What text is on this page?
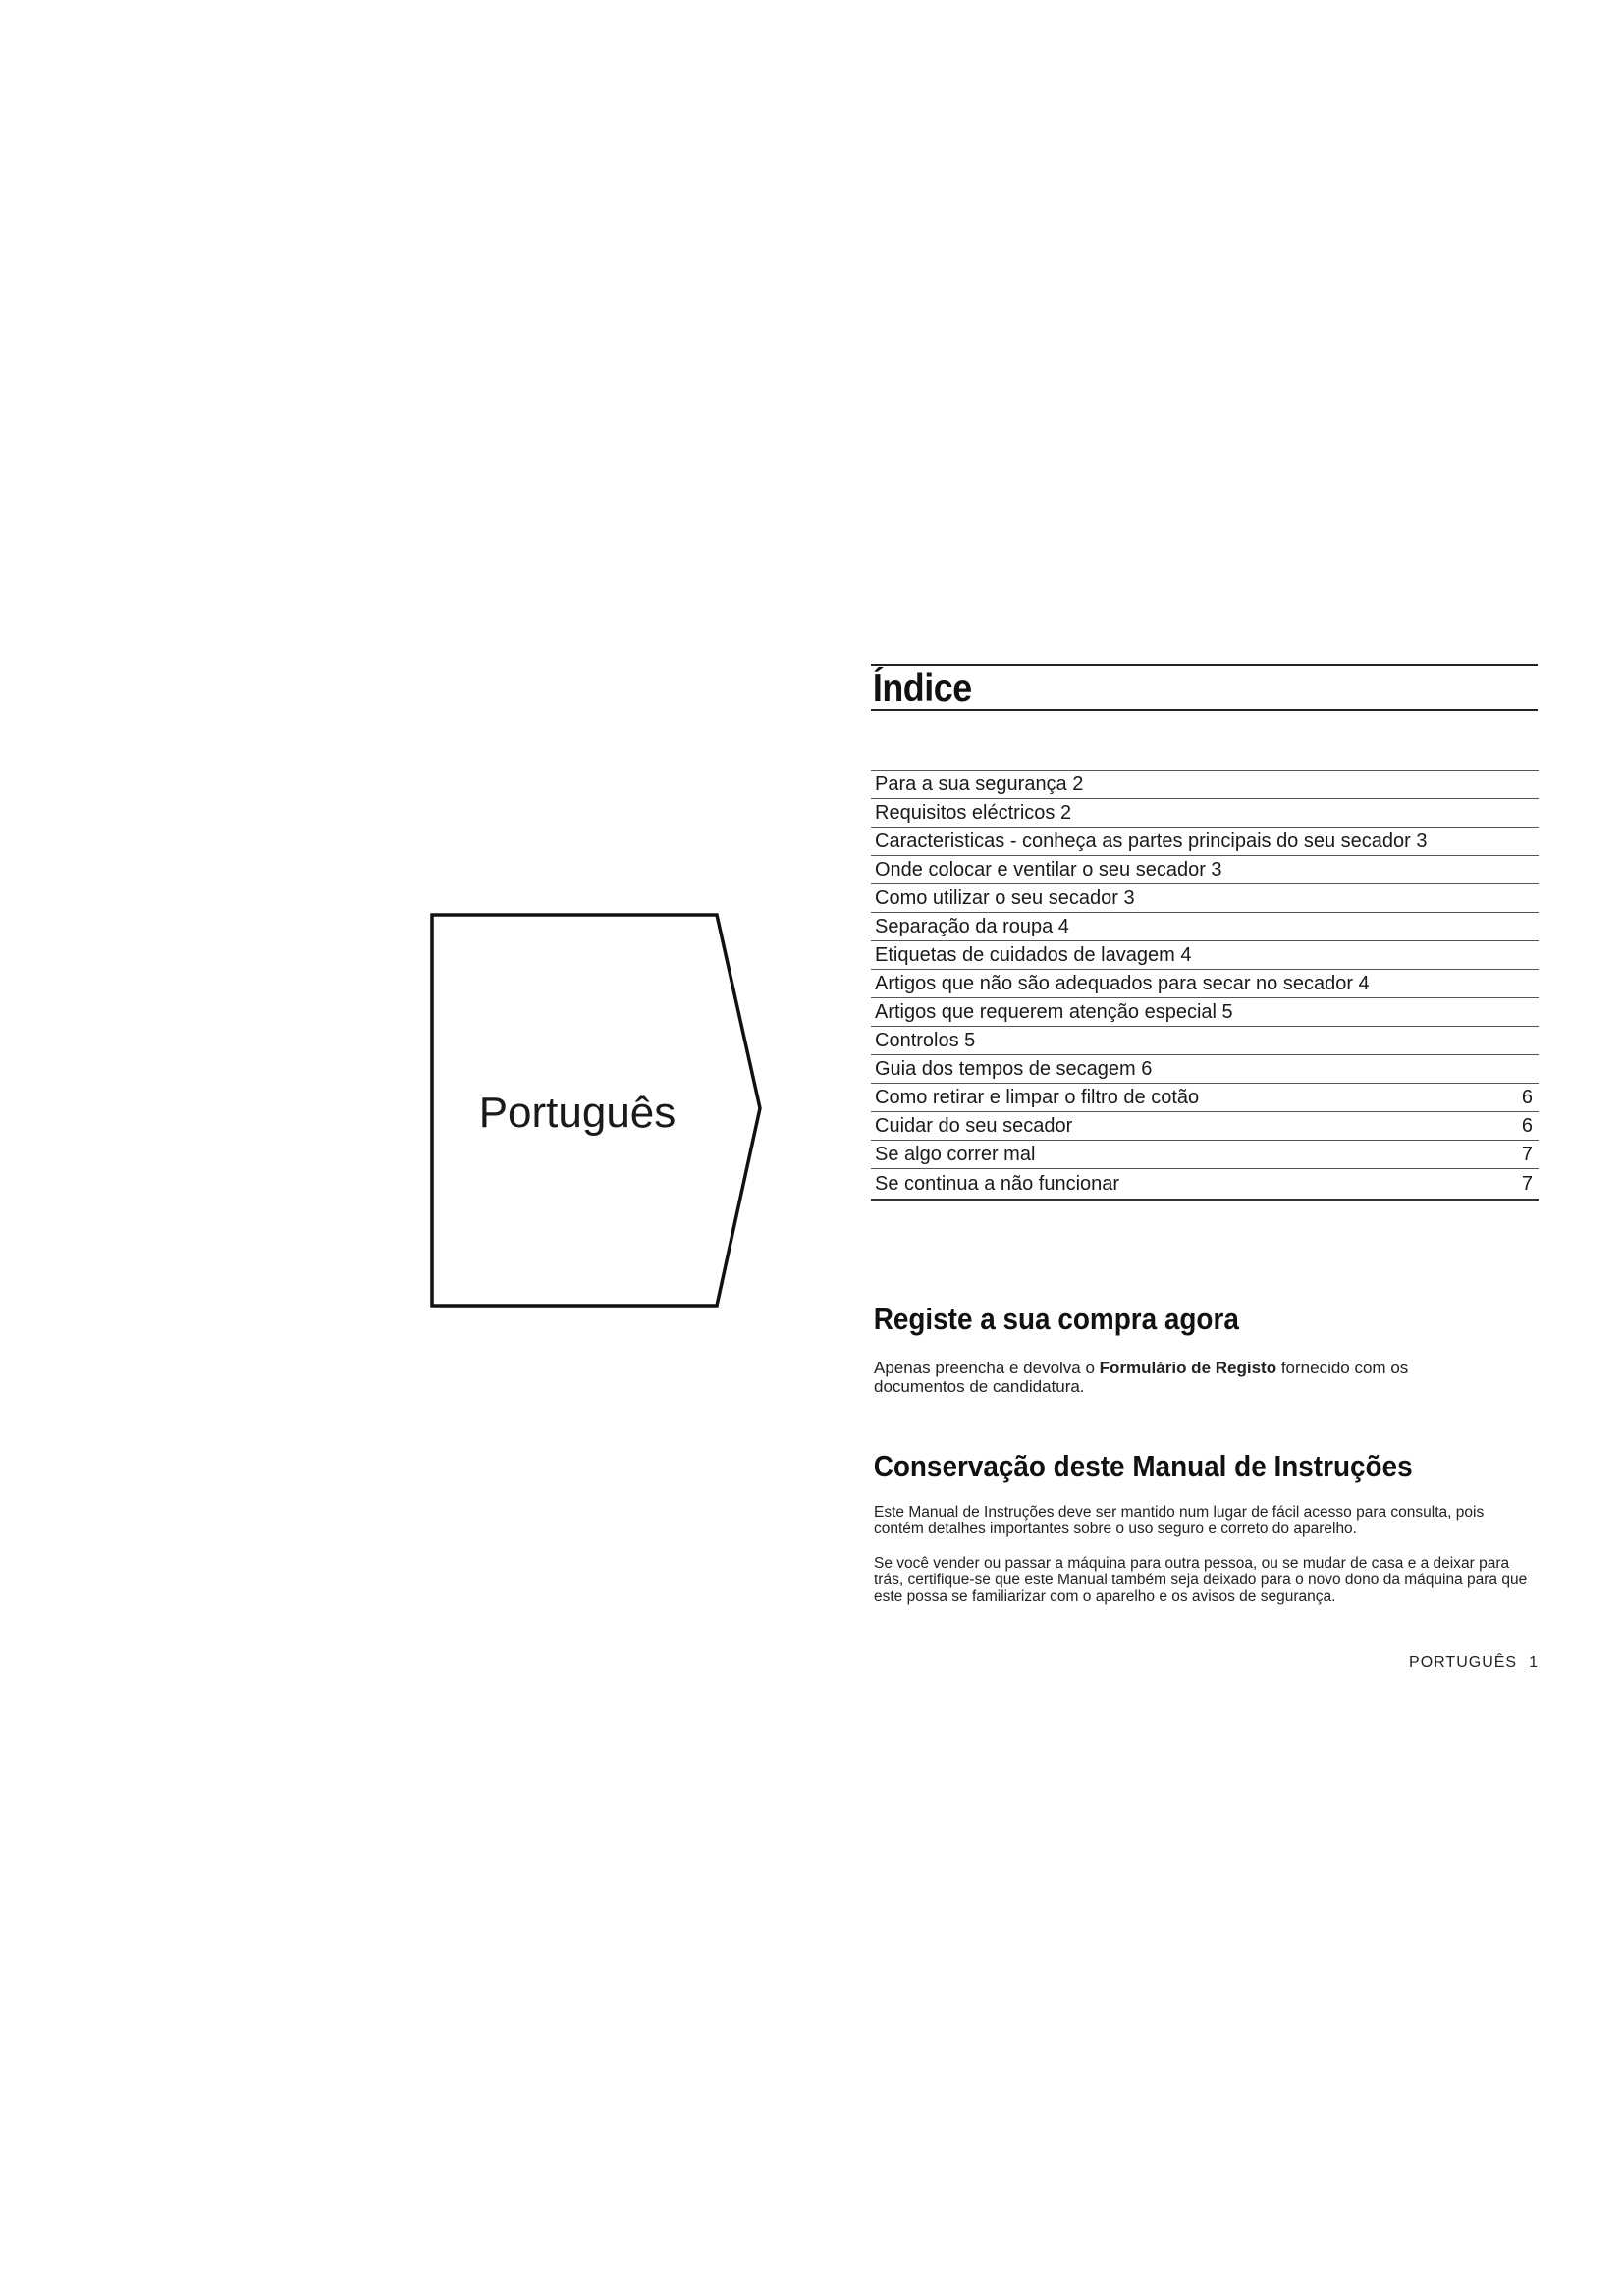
Português
Índice
Para a sua segurança 2
Requisitos eléctricos 2
Caracteristicas - conheça as partes principais do seu secador 3
Onde colocar e ventilar o seu secador 3
Como utilizar o seu secador 3
Separação da roupa 4
Etiquetas de cuidados de lavagem 4
Artigos que não são adequados para secar no secador 4
Artigos que requerem atenção especial 5
Controlos 5
Guia dos tempos de secagem 6
Como retirar e limpar o filtro de cotão	6
Cuidar do seu secador	6
Se algo correr mal	7
Se continua a não funcionar	7
Registe a sua compra agora

Apenas preencha e devolva o Formulário de Registo fornecido com os documentos de candidatura.

Conservação deste Manual de Instruções

Este Manual de Instruções deve ser mantido num lugar de fácil acesso para consulta, pois contém detalhes importantes sobre o uso seguro e correto do aparelho.

Se você vender ou passar a máquina para outra pessoa, ou se mudar de casa e a deixar para trás, certifique-se que este Manual também seja deixado para o novo dono da máquina para que este possa se familiarizar com o aparelho e os avisos de segurança.

PORTUGUÊS 1
